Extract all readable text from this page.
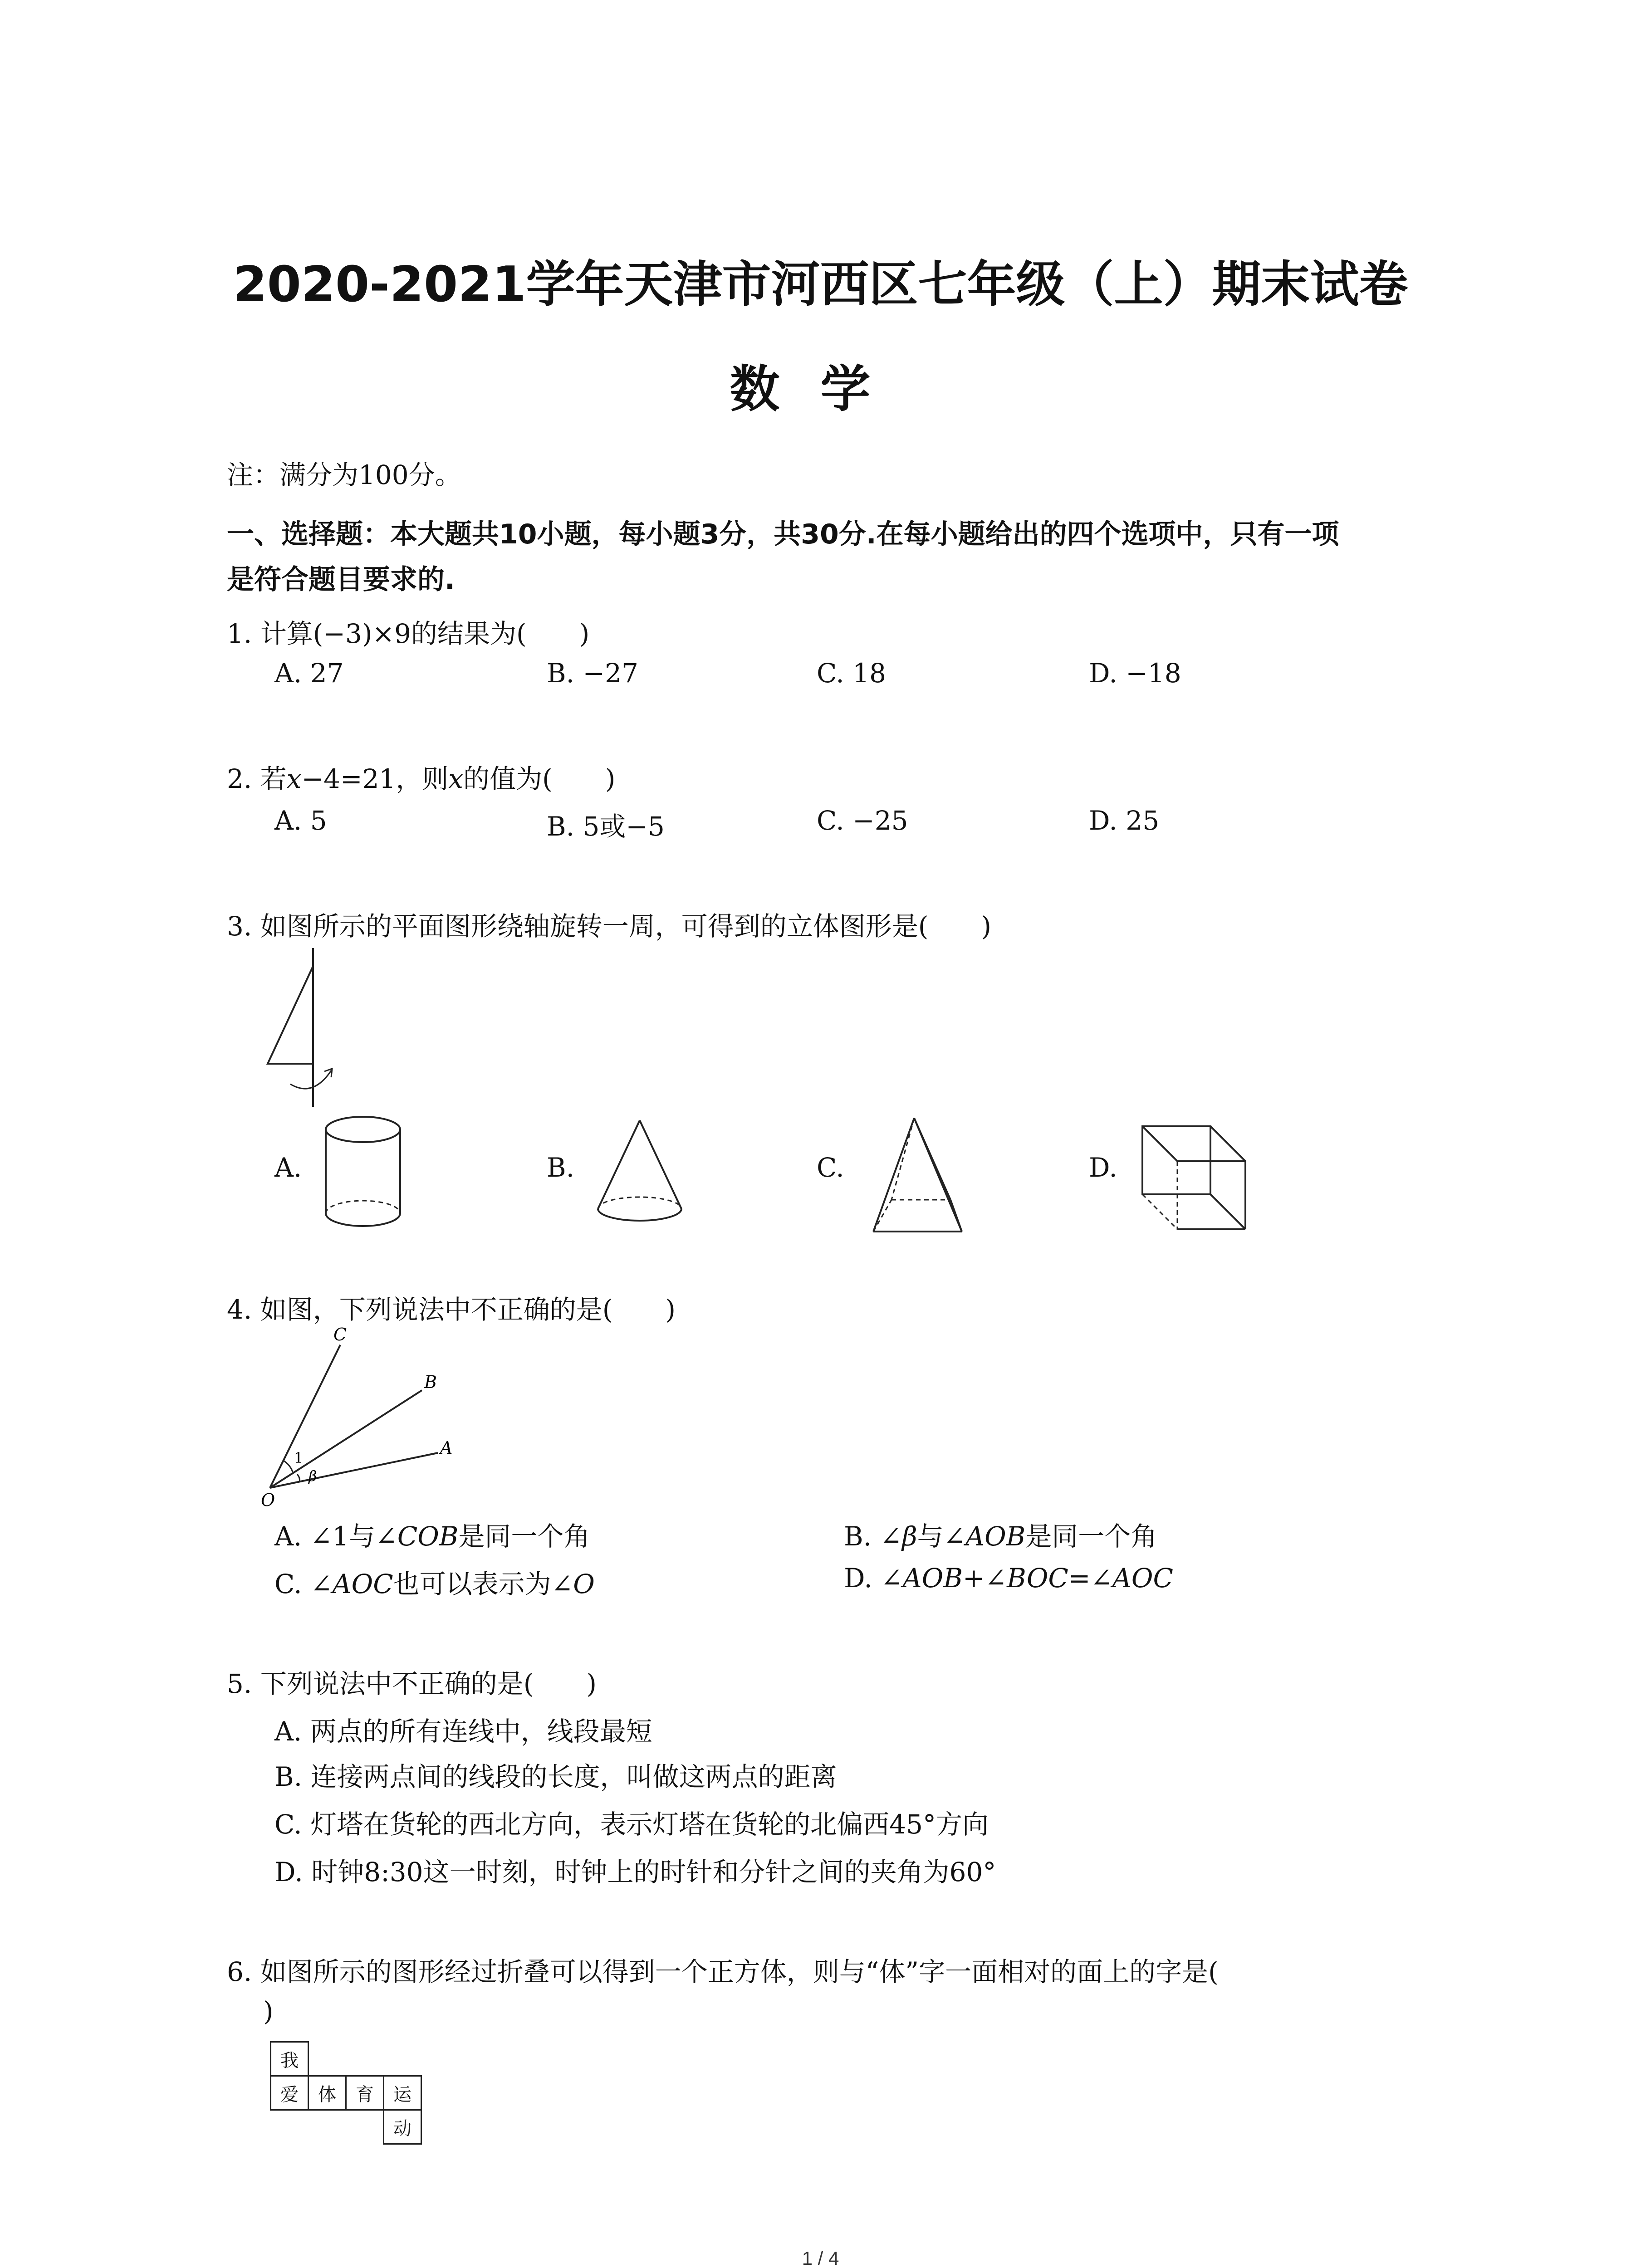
2020-2021学年天津市河西区七年级（上）期末试卷
数学
注：满分为100分。
一、选择题：本大题共10小题，每小题3分，共30分.在每小题给出的四个选项中，只有一项
是符合题目要求的.
1. 计算(−3)×9的结果为(　　)
A. 27	B. −27	C. 18	D. −18
2. 若x−4=21，则x的值为(　　)
A. 5	B. 5或−5	C. −25	D. 25
3. 如图所示的平面图形绕轴旋转一周，可得到的立体图形是(　　)
A.	B.	C.	D.
4. 如图，下列说法中不正确的是(　　)
C
B
A
O
1
β
A. ∠1与∠COB是同一个角	B. ∠β与∠AOB是同一个角
C. ∠AOC也可以表示为∠O	D. ∠AOB+∠BOC=∠AOC
5. 下列说法中不正确的是(　　)
A. 两点的所有连线中，线段最短
B. 连接两点间的线段的长度，叫做这两点的距离
C. 灯塔在货轮的西北方向，表示灯塔在货轮的北偏西45°方向
D. 时钟8:30这一时刻，时钟上的时针和分针之间的夹角为60°
6. 如图所示的图形经过折叠可以得到一个正方体，则与“体”字一面相对的面上的字是(
)
我
爱	体	育	运
动
1 / 4
